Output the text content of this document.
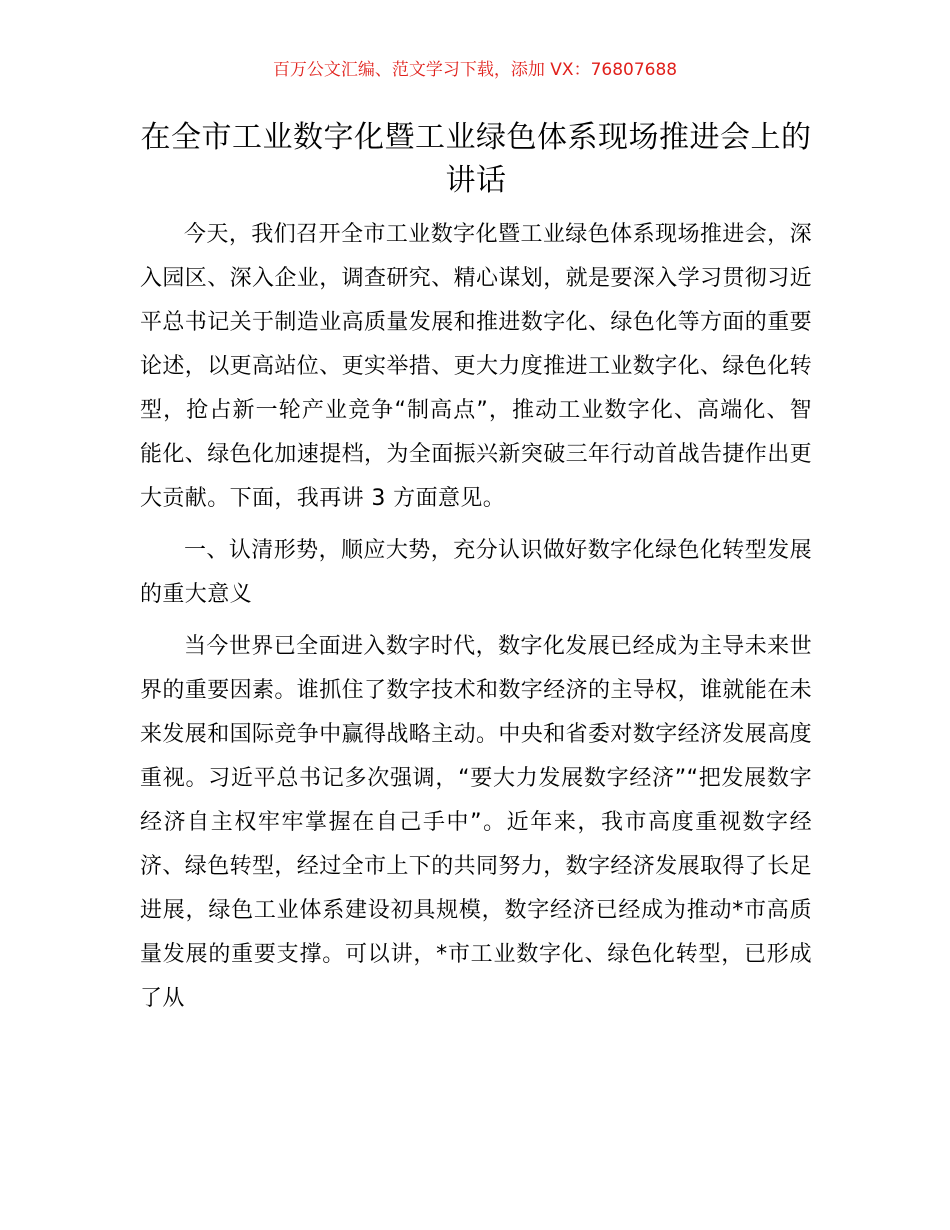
百万公文汇编、范文学习下载，添加 VX：76807688
在全市工业数字化暨工业绿色体系现场推进会上的讲话

今天，我们召开全市工业数字化暨工业绿色体系现场推进会，深入园区、深入企业，调查研究、精心谋划，就是要深入学习贯彻习近平总书记关于制造业高质量发展和推进数字化、绿色化等方面的重要论述，以更高站位、更实举措、更大力度推进工业数字化、绿色化转型，抢占新一轮产业竞争“制高点”，推动工业数字化、高端化、智能化、绿色化加速提档，为全面振兴新突破三年行动首战告捷作出更大贡献。下面，我再讲 3 方面意见。

一、认清形势，顺应大势，充分认识做好数字化绿色化转型发展的重大意义

当今世界已全面进入数字时代，数字化发展已经成为主导未来世界的重要因素。谁抓住了数字技术和数字经济的主导权，谁就能在未来发展和国际竞争中赢得战略主动。中央和省委对数字经济发展高度重视。习近平总书记多次强调，“要大力发展数字经济”“把发展数字经济自主权牢牢掌握在自己手中”。近年来，我市高度重视数字经济、绿色转型，经过全市上下的共同努力，数字经济发展取得了长足进展，绿色工业体系建设初具规模，数字经济已经成为推动*市高质量发展的重要支撑。可以讲，*市工业数字化、绿色化转型，已形成了从
